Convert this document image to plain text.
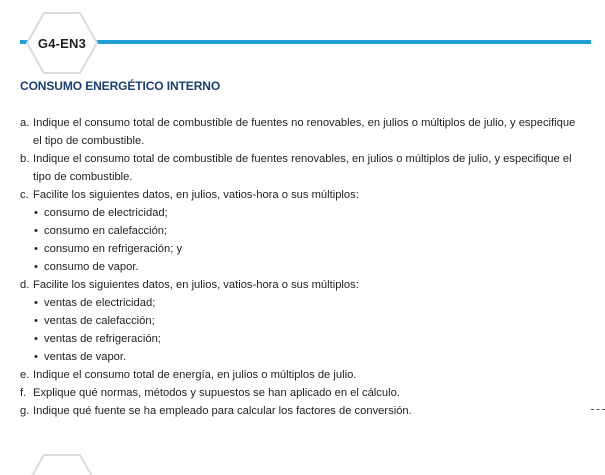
G4-EN3
CONSUMO ENERGÉTICO INTERNO
a. Indique el consumo total de combustible de fuentes no renovables, en julios o múltiplos de julio, y especifique
el tipo de combustible.
b. Indique el consumo total de combustible de fuentes renovables, en julios o múltiplos de julio, y especifique el
tipo de combustible.
c. Facilite los siguientes datos, en julios, vatios-hora o sus múltiplos:
• consumo de electricidad;
• consumo en calefacción;
• consumo en refrigeración; y
• consumo de vapor.
d. Facilite los siguientes datos, en julios, vatios-hora o sus múltiplos:
• ventas de electricidad;
• ventas de calefacción;
• ventas de refrigeración;
• ventas de vapor.
e. Indique el consumo total de energía, en julios o múltiplos de julio.
f. Explique qué normas, métodos y supuestos se han aplicado en el cálculo.
g. Indique qué fuente se ha empleado para calcular los factores de conversión.
